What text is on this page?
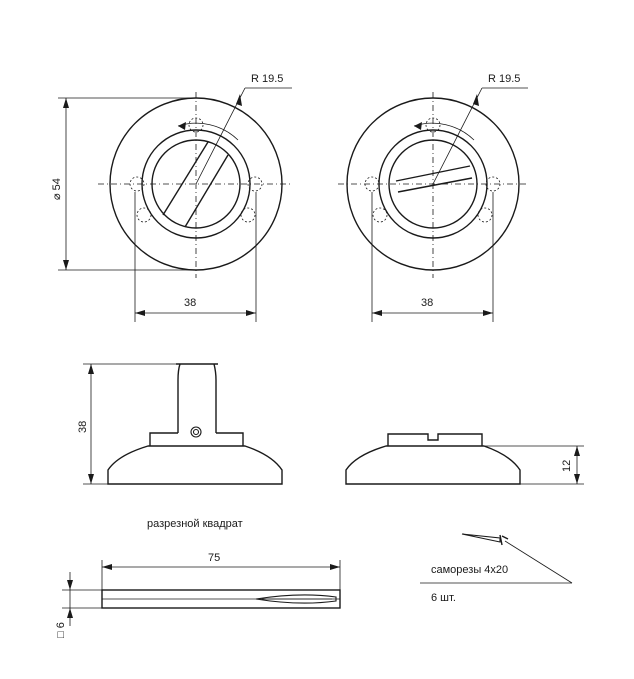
R 19.5
⌀ 54
38
R 19.5
38
38
12
разрезной квадрат
75
□ 6
саморезы 4x20
6 шт.
